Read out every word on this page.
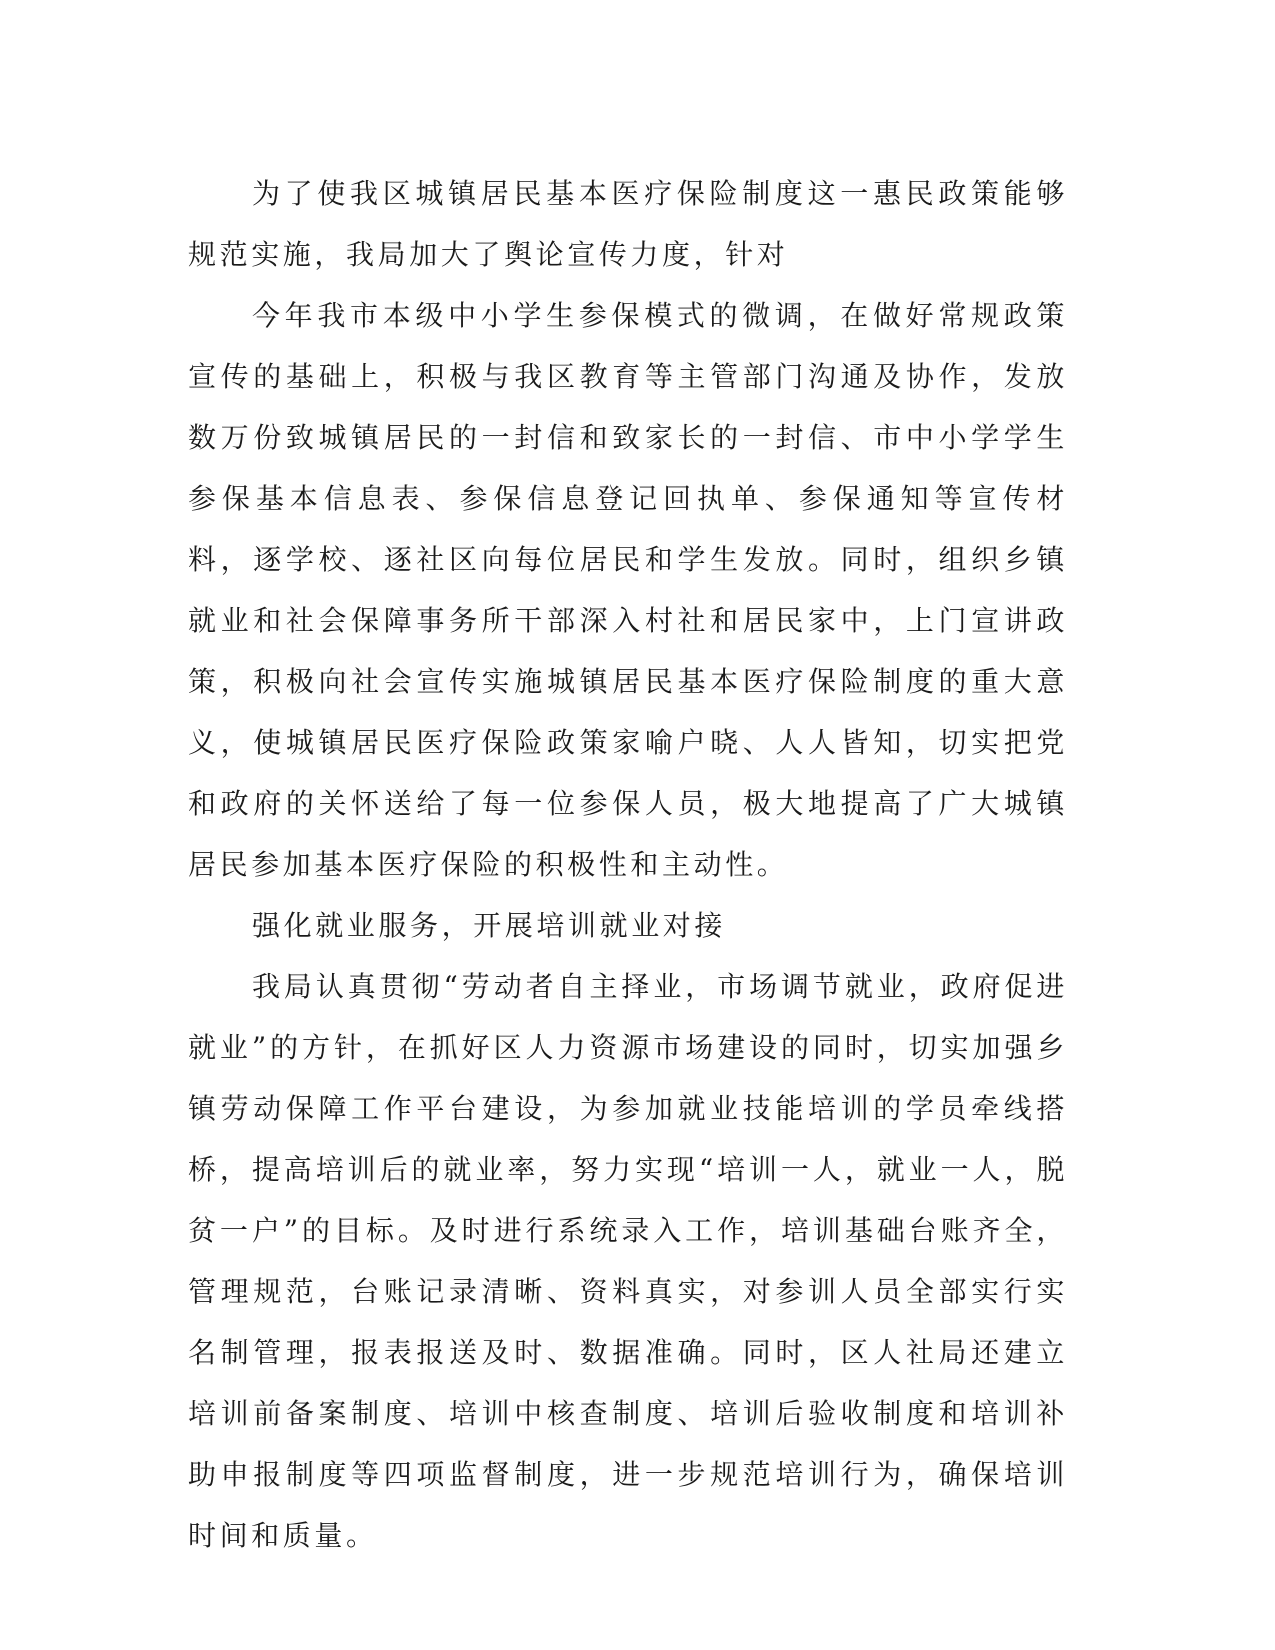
为了使我区城镇居民基本医疗保险制度这一惠民政策能够规范实施，我局加大了舆论宣传力度，针对

今年我市本级中小学生参保模式的微调，在做好常规政策宣传的基础上，积极与我区教育等主管部门沟通及协作，发放数万份致城镇居民的一封信和致家长的一封信、市中小学学生参保基本信息表、参保信息登记回执单、参保通知等宣传材料，逐学校、逐社区向每位居民和学生发放。同时，组织乡镇就业和社会保障事务所干部深入村社和居民家中，上门宣讲政策，积极向社会宣传实施城镇居民基本医疗保险制度的重大意义，使城镇居民医疗保险政策家喻户晓、人人皆知，切实把党和政府的关怀送给了每一位参保人员，极大地提高了广大城镇居民参加基本医疗保险的积极性和主动性。

强化就业服务，开展培训就业对接

我局认真贯彻“劳动者自主择业，市场调节就业，政府促进就业”的方针，在抓好区人力资源市场建设的同时，切实加强乡镇劳动保障工作平台建设，为参加就业技能培训的学员牵线搭桥，提高培训后的就业率，努力实现“培训一人，就业一人，脱贫一户”的目标。及时进行系统录入工作，培训基础台账齐全，管理规范，台账记录清晰、资料真实，对参训人员全部实行实名制管理，报表报送及时、数据准确。同时，区人社局还建立培训前备案制度、培训中核查制度、培训后验收制度和培训补助申报制度等四项监督制度，进一步规范培训行为，确保培训时间和质量。
